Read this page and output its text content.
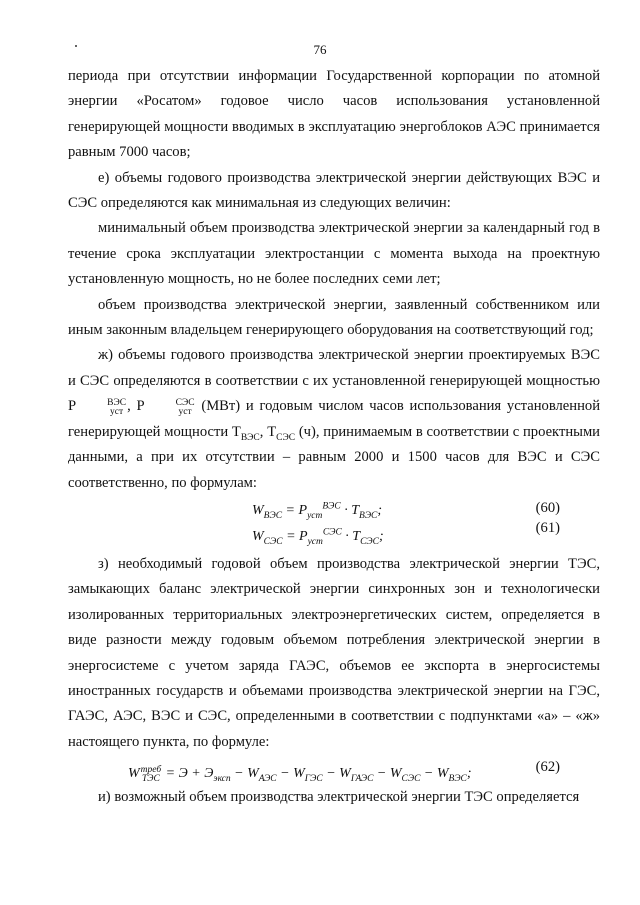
76

периода при отсутствии информации Государственной корпорации по атомной энергии «Росатом» годовое число часов использования установленной генерирующей мощности вводимых в эксплуатацию энергоблоков АЭС принимается равным 7000 часов;

е) объемы годового производства электрической энергии действующих ВЭС и СЭС определяются как минимальная из следующих величин:

минимальный объем производства электрической энергии за календарный год в течение срока эксплуатации электростанции с момента выхода на проектную установленную мощность, но не более последних семи лет;

объем производства электрической энергии, заявленный собственником или иным законным владельцем генерирующего оборудования на соответствующий год;

ж) объемы годового производства электрической энергии проектируемых ВЭС и СЭС определяются в соответствии с их установленной генерирующей мощностью P	ВЭС
уст , P	СЭС
уст (МВт) и годовым числом часов использования установленной генерирующей мощности $T_{ВЭС}$, $T_{СЭС}$ (ч), принимаемым в соответствии с проектными данными, а при их отсутствии – равным 2000 и 1500 часов для ВЭС и СЭС соответственно, по формулам:

$W_{ВЭС} = P_{уст}^{ВЭС} \cdot T_{ВЭС}$;	(60)
$W_{СЭС} = P_{уст}^{СЭС} \cdot T_{СЭС}$;
(61)

з) необходимый годовой объем производства электрической энергии ТЭС, замыкающих баланс электрической энергии синхронных зон и технологически изолированных территориальных электроэнергетических систем, определяется в виде разности между годовым объемом потребления электрической энергии в энергосистеме с учетом заряда ГАЭС, объемов ее экспорта в энергосистемы иностранных государств и объемами производства электрической энергии на ГЭС, ГАЭС, АЭС, ВЭС и СЭС, определенными в соответствии с подпунктами «а» – «ж» настоящего пункта, по формуле:

W треб
ТЭС = $Э + Э_{эксп} - W_{АЭС} - W_{ГЭС} - W_{ГАЭС} - W_{СЭС} - W_{ВЭС}$;	(62)

и) возможный объем производства электрической энергии ТЭС определяется
